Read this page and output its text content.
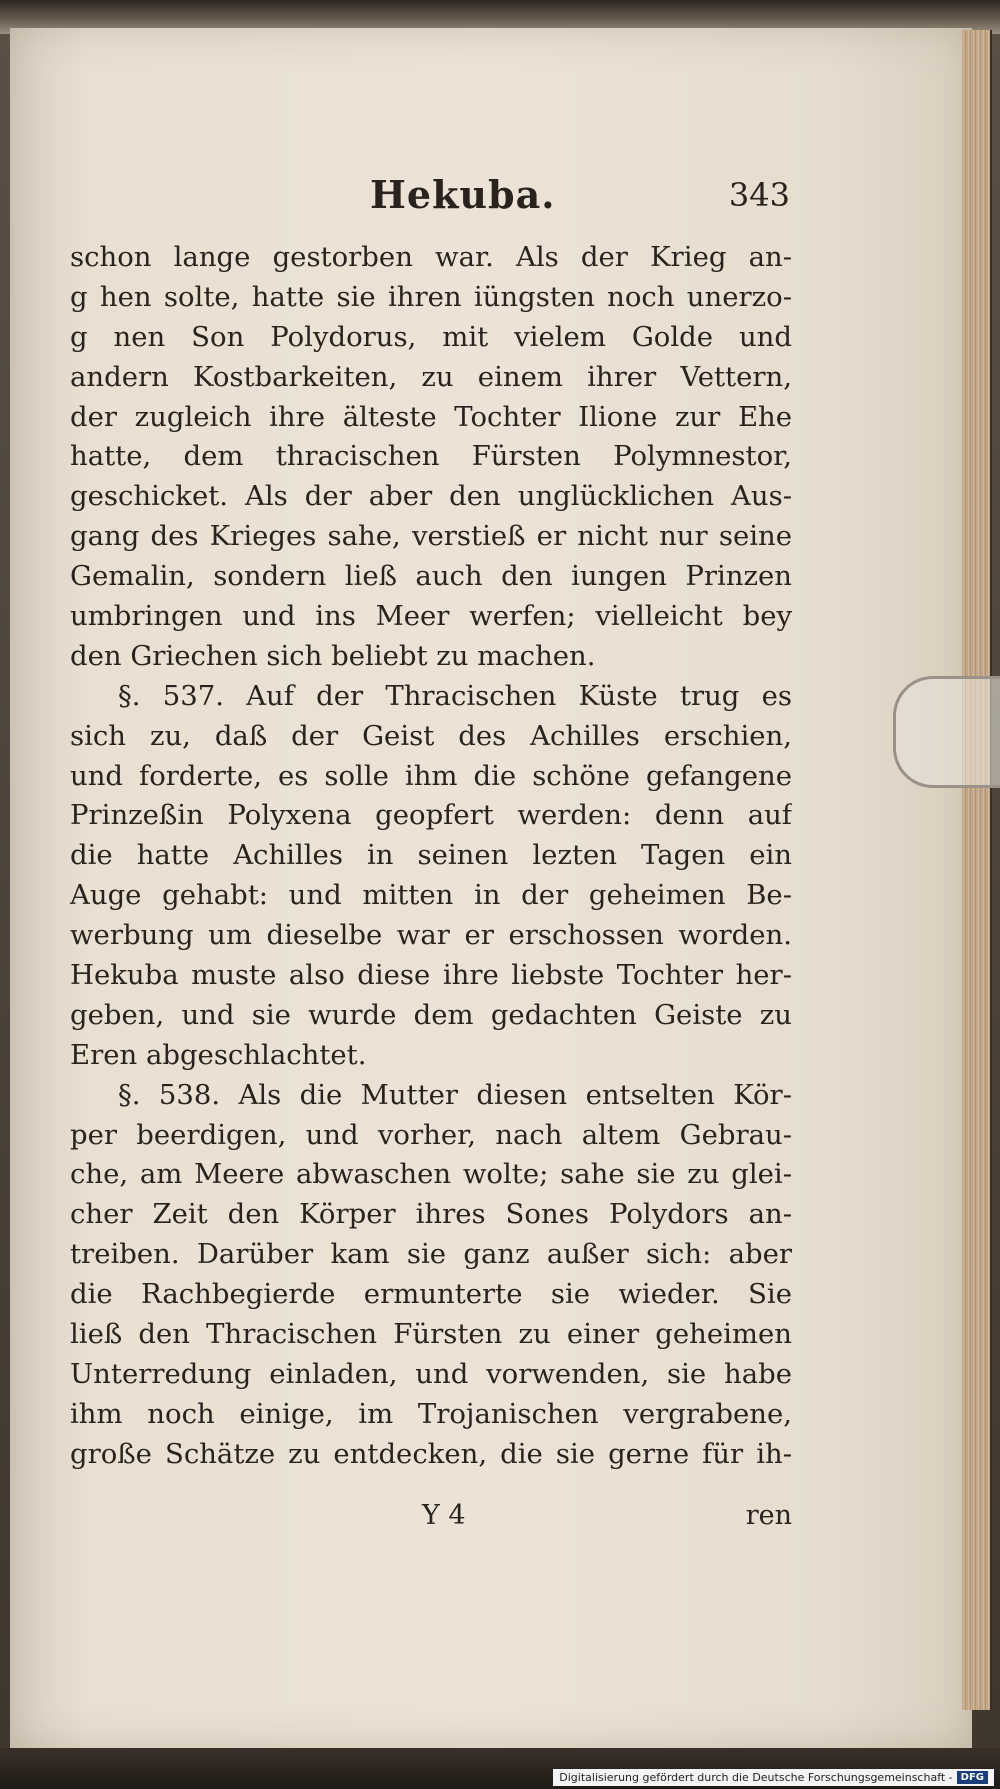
Hekuba.	343
schon lange gestorben war. Als der Krieg an-
g hen solte, hatte sie ihren iüngsten noch unerzo-
g nen Son Polydorus, mit vielem Golde und
andern Kostbarkeiten, zu einem ihrer Vettern,
der zugleich ihre älteste Tochter Ilione zur Ehe
hatte, dem thracischen Fürsten Polymnestor,
geschicket. Als der aber den unglücklichen Aus-
gang des Krieges sahe, verstieß er nicht nur seine
Gemalin, sondern ließ auch den iungen Prinzen
umbringen und ins Meer werfen; vielleicht bey
den Griechen sich beliebt zu machen.
§. 537. Auf der Thracischen Küste trug es
sich zu, daß der Geist des Achilles erschien,
und forderte, es solle ihm die schöne gefangene
Prinzeßin Polyxena geopfert werden: denn auf
die hatte Achilles in seinen lezten Tagen ein
Auge gehabt: und mitten in der geheimen Be-
werbung um dieselbe war er erschossen worden.
Hekuba muste also diese ihre liebste Tochter her-
geben, und sie wurde dem gedachten Geiste zu
Eren abgeschlachtet.
§. 538. Als die Mutter diesen entselten Kör-
per beerdigen, und vorher, nach altem Gebrau-
che, am Meere abwaschen wolte; sahe sie zu glei-
cher Zeit den Körper ihres Sones Polydors an-
treiben. Darüber kam sie ganz außer sich: aber
die Rachbegierde ermunterte sie wieder. Sie
ließ den Thracischen Fürsten zu einer geheimen
Unterredung einladen, und vorwenden, sie habe
ihm noch einige, im Trojanischen vergrabene,
große Schätze zu entdecken, die sie gerne für ih-
Y 4	ren
Digitalisierung gefördert durch die Deutsche Forschungsgemeinschaft - DFG
